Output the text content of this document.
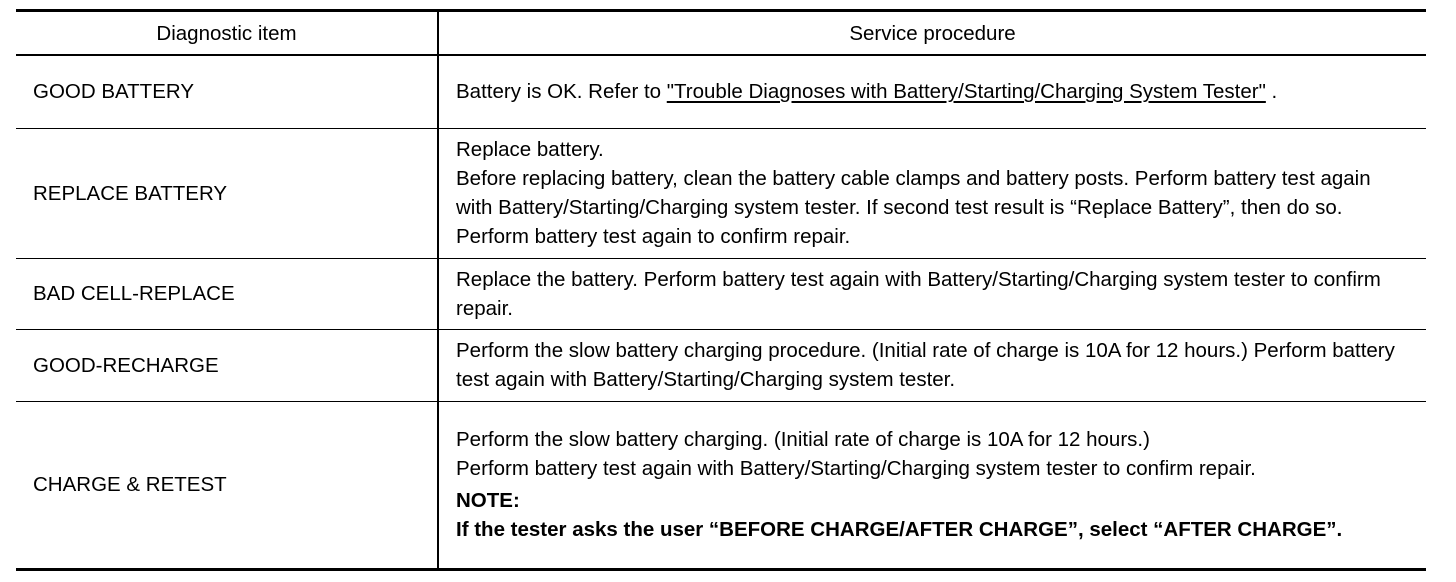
Diagnostic item	Service procedure
GOOD BATTERY	Battery is OK. Refer to "Trouble Diagnoses with Battery/Starting/Charging System Tester" .
REPLACE BATTERY	Replace battery.
Before replacing battery, clean the battery cable clamps and battery posts. Perform battery test again with Battery/Starting/Charging system tester. If second test result is “Replace Battery”, then do so. Perform battery test again to confirm repair.

BAD CELL-REPLACE	Replace the battery. Perform battery test again with Battery/Starting/Charging system tester to confirm repair.
GOOD-RECHARGE	Perform the slow battery charging procedure. (Initial rate of charge is 10A for 12 hours.) Perform battery test again with Battery/Starting/Charging system tester.
CHARGE & RETEST	Perform the slow battery charging. (Initial rate of charge is 10A for 12 hours.)
Perform battery test again with Battery/Starting/Charging system tester to confirm repair.
NOTE:
If the tester asks the user “BEFORE CHARGE/AFTER CHARGE”, select “AFTER CHARGE”.
